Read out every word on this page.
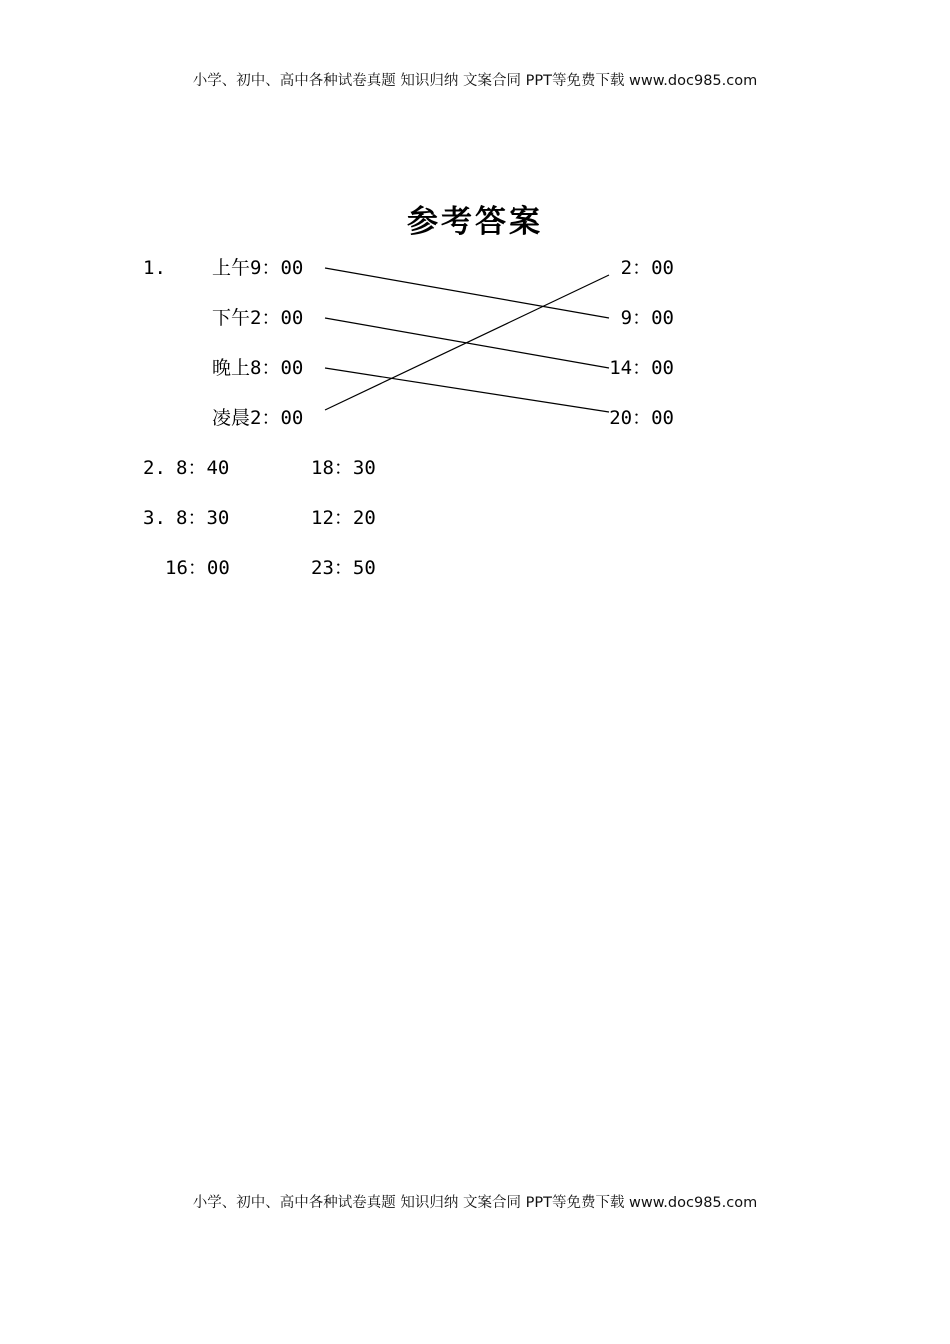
小学、初中、高中各种试卷真题 知识归纳 文案合同 PPT等免费下载 www.doc985.com
参考答案
1. 上午9：00
下午2：00
晚上8：00
凌晨2：00
2：00
9：00
14：00
20：00
2. 8：40	18：30
3. 8：30	12：20
16：00	23：50
小学、初中、高中各种试卷真题 知识归纳 文案合同 PPT等免费下载 www.doc985.com
